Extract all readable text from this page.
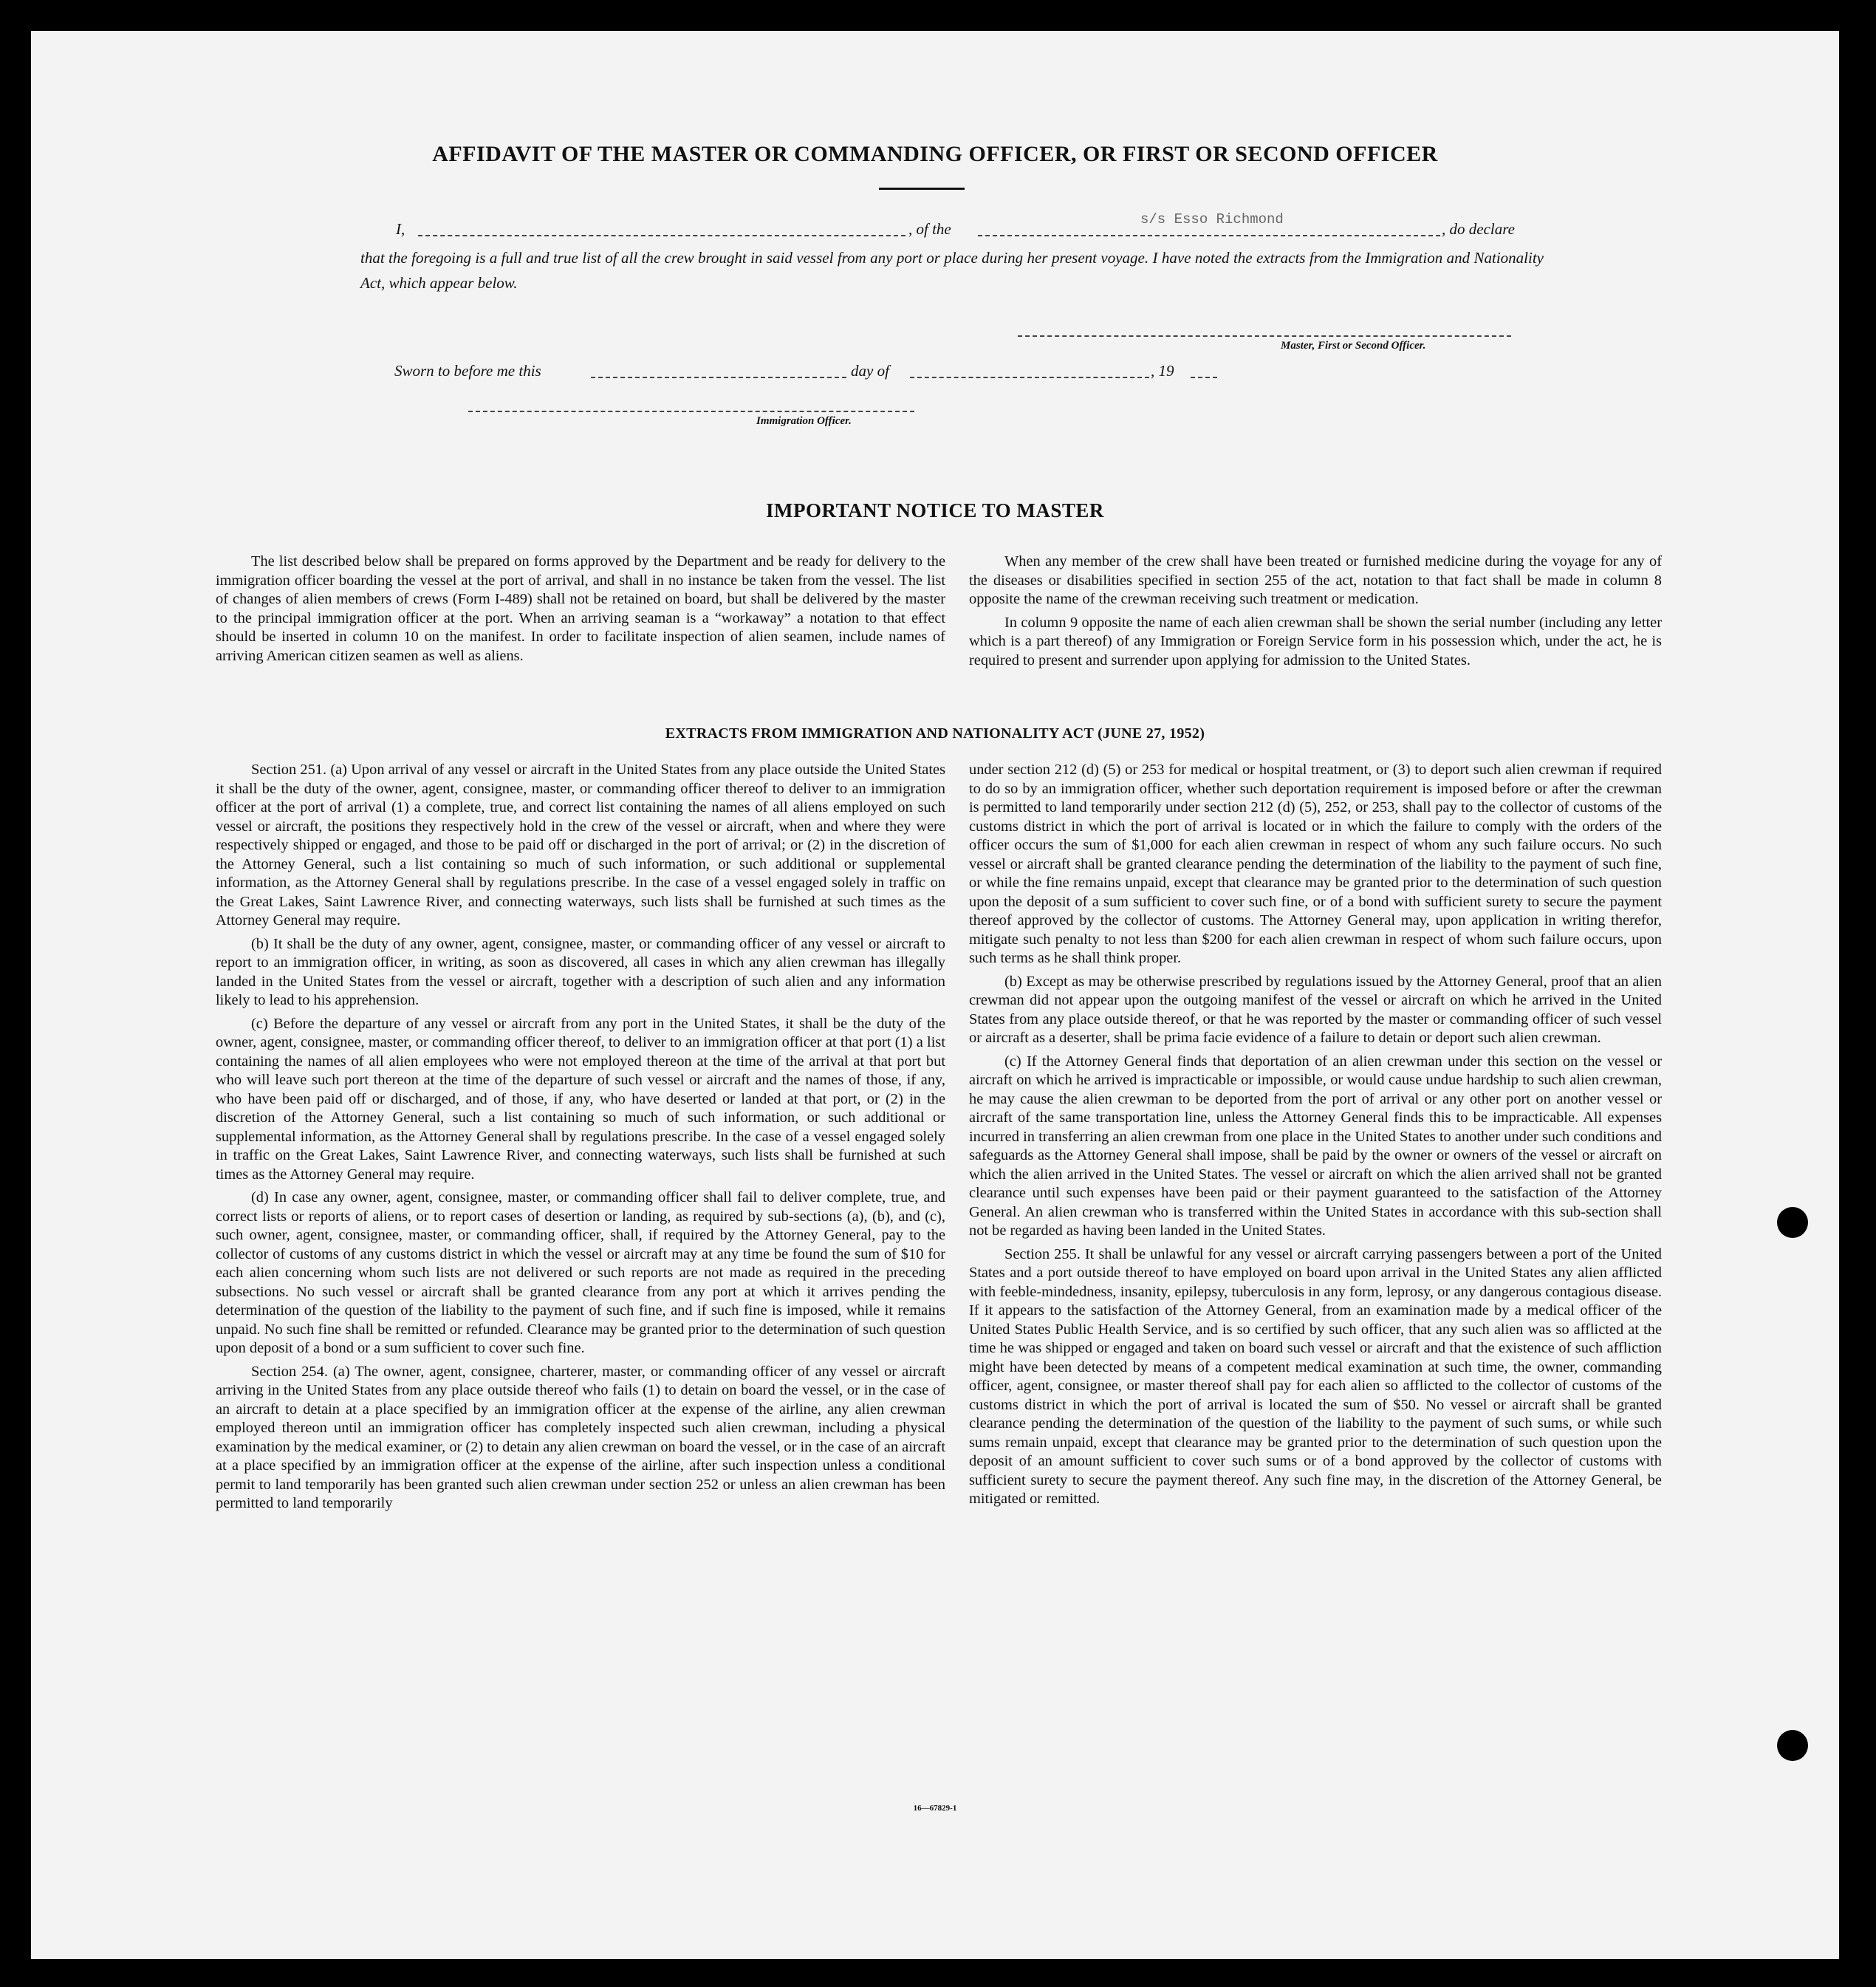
AFFIDAVIT OF THE MASTER OR COMMANDING OFFICER, OR FIRST OR SECOND OFFICER
I,	, of the
s/s Esso Richmond
, do declare
that the foregoing is a full and true list of all the crew brought in said vessel from any port or place during her present voyage. I have noted the extracts from the Immigration and Nationality Act, which appear below.
Master, First or Second Officer.
Sworn to before me this	day of	, 19
Immigration Officer.
IMPORTANT NOTICE TO MASTER

The list described below shall be prepared on forms approved by the Department and be ready for delivery to the immigration officer boarding the vessel at the port of arrival, and shall in no instance be taken from the vessel. The list of changes of alien members of crews (Form I-489) shall not be retained on board, but shall be delivered by the master to the principal immigration officer at the port. When an arriving seaman is a “workaway” a notation to that effect should be inserted in column 10 on the manifest. In order to facilitate inspection of alien seamen, include names of arriving American citizen seamen as well as aliens.

When any member of the crew shall have been treated or furnished medicine during the voyage for any of the diseases or disabilities specified in section 255 of the act, notation to that fact shall be made in column 8 opposite the name of the crewman receiving such treatment or medication.

In column 9 opposite the name of each alien crewman shall be shown the serial number (including any letter which is a part thereof) of any Immigration or Foreign Service form in his possession which, under the act, he is required to present and surrender upon applying for admission to the United States.

EXTRACTS FROM IMMIGRATION AND NATIONALITY ACT (JUNE 27, 1952)

Section 251. (a) Upon arrival of any vessel or aircraft in the United States from any place outside the United States it shall be the duty of the owner, agent, consignee, master, or commanding officer thereof to deliver to an immigration officer at the port of arrival (1) a complete, true, and correct list containing the names of all aliens employed on such vessel or aircraft, the positions they respectively hold in the crew of the vessel or aircraft, when and where they were respectively shipped or engaged, and those to be paid off or discharged in the port of arrival; or (2) in the discretion of the Attorney General, such a list containing so much of such information, or such additional or supplemental information, as the Attorney General shall by regulations prescribe. In the case of a vessel engaged solely in traffic on the Great Lakes, Saint Lawrence River, and connecting waterways, such lists shall be furnished at such times as the Attorney General may require.

(b) It shall be the duty of any owner, agent, consignee, master, or commanding officer of any vessel or aircraft to report to an immigration officer, in writing, as soon as discovered, all cases in which any alien crewman has illegally landed in the United States from the vessel or aircraft, together with a description of such alien and any information likely to lead to his apprehension.

(c) Before the departure of any vessel or aircraft from any port in the United States, it shall be the duty of the owner, agent, consignee, master, or commanding officer thereof, to deliver to an immigration officer at that port (1) a list containing the names of all alien employees who were not employed thereon at the time of the arrival at that port but who will leave such port thereon at the time of the departure of such vessel or aircraft and the names of those, if any, who have been paid off or discharged, and of those, if any, who have deserted or landed at that port, or (2) in the discretion of the Attorney General, such a list containing so much of such information, or such additional or supplemental information, as the Attorney General shall by regulations prescribe. In the case of a vessel engaged solely in traffic on the Great Lakes, Saint Lawrence River, and connecting waterways, such lists shall be furnished at such times as the Attorney General may require.

(d) In case any owner, agent, consignee, master, or commanding officer shall fail to deliver complete, true, and correct lists or reports of aliens, or to report cases of desertion or landing, as required by sub-sections (a), (b), and (c), such owner, agent, consignee, master, or commanding officer, shall, if required by the Attorney General, pay to the collector of customs of any customs district in which the vessel or aircraft may at any time be found the sum of $10 for each alien concerning whom such lists are not delivered or such reports are not made as required in the preceding subsections. No such vessel or aircraft shall be granted clearance from any port at which it arrives pending the determination of the question of the liability to the payment of such fine, and if such fine is imposed, while it remains unpaid. No such fine shall be remitted or refunded. Clearance may be granted prior to the determination of such question upon deposit of a bond or a sum sufficient to cover such fine.

Section 254. (a) The owner, agent, consignee, charterer, master, or commanding officer of any vessel or aircraft arriving in the United States from any place outside thereof who fails (1) to detain on board the vessel, or in the case of an aircraft to detain at a place specified by an immigration officer at the expense of the airline, any alien crewman employed thereon until an immigration officer has completely inspected such alien crewman, including a physical examination by the medical examiner, or (2) to detain any alien crewman on board the vessel, or in the case of an aircraft at a place specified by an immigration officer at the expense of the airline, after such inspection unless a conditional permit to land temporarily has been granted such alien crewman under section 252 or unless an alien crewman has been permitted to land temporarily

under section 212 (d) (5) or 253 for medical or hospital treatment, or (3) to deport such alien crewman if required to do so by an immigration officer, whether such deportation requirement is imposed before or after the crewman is permitted to land temporarily under section 212 (d) (5), 252, or 253, shall pay to the collector of customs of the customs district in which the port of arrival is located or in which the failure to comply with the orders of the officer occurs the sum of $1,000 for each alien crewman in respect of whom any such failure occurs. No such vessel or aircraft shall be granted clearance pending the determination of the liability to the payment of such fine, or while the fine remains unpaid, except that clearance may be granted prior to the determination of such question upon the deposit of a sum sufficient to cover such fine, or of a bond with sufficient surety to secure the payment thereof approved by the collector of customs. The Attorney General may, upon application in writing therefor, mitigate such penalty to not less than $200 for each alien crewman in respect of whom such failure occurs, upon such terms as he shall think proper.

(b) Except as may be otherwise prescribed by regulations issued by the Attorney General, proof that an alien crewman did not appear upon the outgoing manifest of the vessel or aircraft on which he arrived in the United States from any place outside thereof, or that he was reported by the master or commanding officer of such vessel or aircraft as a deserter, shall be prima facie evidence of a failure to detain or deport such alien crewman.

(c) If the Attorney General finds that deportation of an alien crewman under this section on the vessel or aircraft on which he arrived is impracticable or impossible, or would cause undue hardship to such alien crewman, he may cause the alien crewman to be deported from the port of arrival or any other port on another vessel or aircraft of the same transportation line, unless the Attorney General finds this to be impracticable. All expenses incurred in transferring an alien crewman from one place in the United States to another under such conditions and safeguards as the Attorney General shall impose, shall be paid by the owner or owners of the vessel or aircraft on which the alien arrived in the United States. The vessel or aircraft on which the alien arrived shall not be granted clearance until such expenses have been paid or their payment guaranteed to the satisfaction of the Attorney General. An alien crewman who is transferred within the United States in accordance with this sub-section shall not be regarded as having been landed in the United States.

Section 255. It shall be unlawful for any vessel or aircraft carrying passengers between a port of the United States and a port outside thereof to have employed on board upon arrival in the United States any alien afflicted with feeble-mindedness, insanity, epilepsy, tuberculosis in any form, leprosy, or any dangerous contagious disease. If it appears to the satisfaction of the Attorney General, from an examination made by a medical officer of the United States Public Health Service, and is so certified by such officer, that any such alien was so afflicted at the time he was shipped or engaged and taken on board such vessel or aircraft and that the existence of such affliction might have been detected by means of a competent medical examination at such time, the owner, commanding officer, agent, consignee, or master thereof shall pay for each alien so afflicted to the collector of customs of the customs district in which the port of arrival is located the sum of $50. No vessel or aircraft shall be granted clearance pending the determination of the question of the liability to the payment of such sums, or while such sums remain unpaid, except that clearance may be granted prior to the determination of such question upon the deposit of an amount sufficient to cover such sums or of a bond approved by the collector of customs with sufficient surety to secure the payment thereof. Any such fine may, in the discretion of the Attorney General, be mitigated or remitted.

16—67829-1
